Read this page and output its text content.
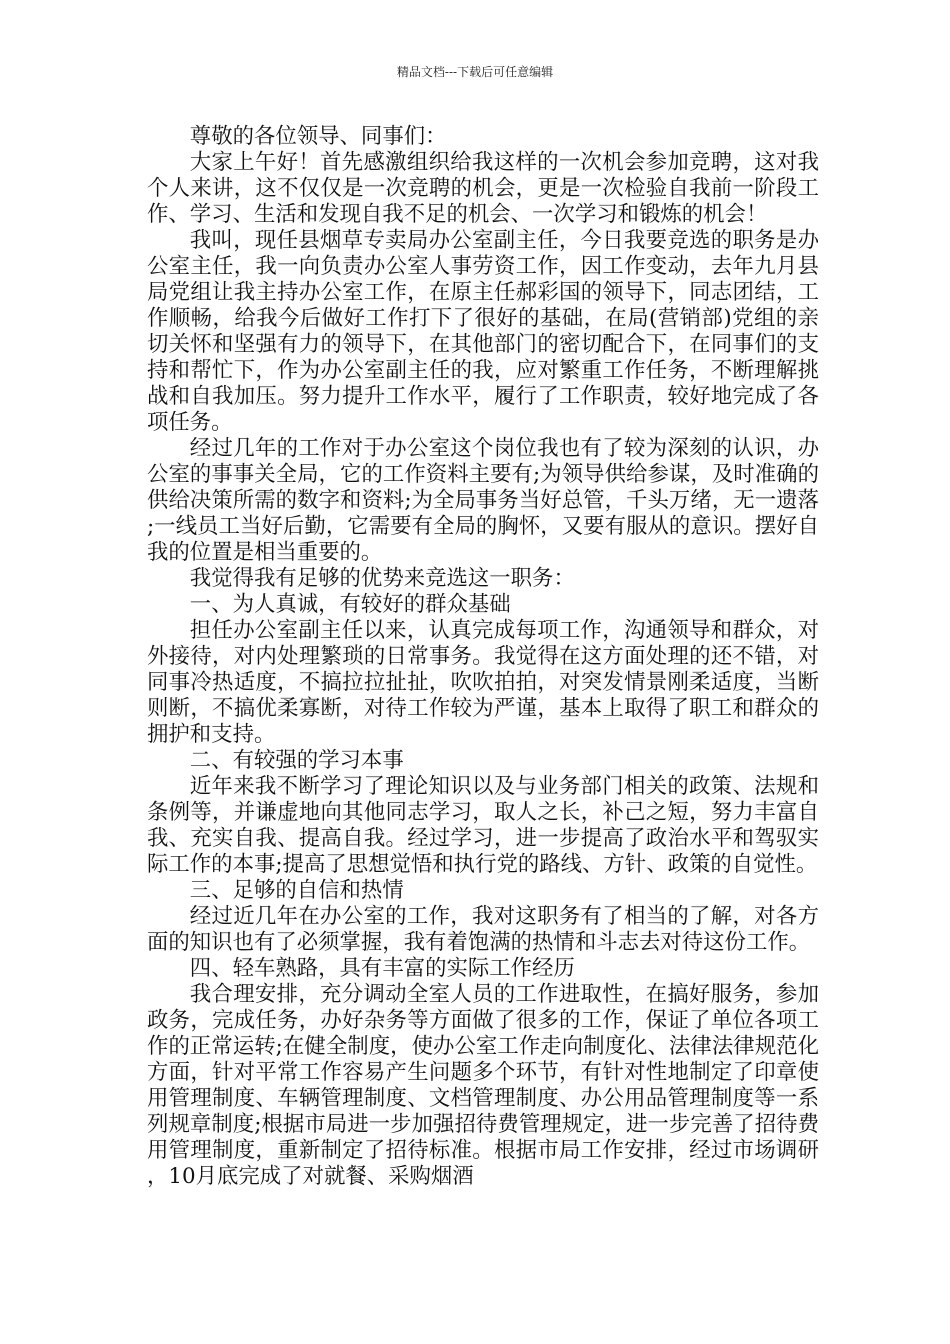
精品文档---下载后可任意编辑

尊敬的各位领导、同事们：

大家上午好！首先感激组织给我这样的一次机会参加竞聘，这对我个人来讲，这不仅仅是一次竞聘的机会，更是一次检验自我前一阶段工作、学习、生活和发现自我不足的机会、一次学习和锻炼的机会！

我叫，现任县烟草专卖局办公室副主任，今日我要竞选的职务是办公室主任，我一向负责办公室人事劳资工作，因工作变动，去年九月县局党组让我主持办公室工作，在原主任郝彩国的领导下，同志团结，工作顺畅，给我今后做好工作打下了很好的基础，在局(营销部)党组的亲切关怀和坚强有力的领导下，在其他部门的密切配合下，在同事们的支持和帮忙下，作为办公室副主任的我，应对繁重工作任务，不断理解挑战和自我加压。努力提升工作水平，履行了工作职责，较好地完成了各项任务。

经过几年的工作对于办公室这个岗位我也有了较为深刻的认识，办公室的事事关全局，它的工作资料主要有;为领导供给参谋，及时准确的供给决策所需的数字和资料;为全局事务当好总管，千头万绪，无一遗落;一线员工当好后勤，它需要有全局的胸怀，又要有服从的意识。摆好自我的位置是相当重要的。

我觉得我有足够的优势来竞选这一职务：

一、为人真诚，有较好的群众基础

担任办公室副主任以来，认真完成每项工作，沟通领导和群众，对外接待，对内处理繁琐的日常事务。我觉得在这方面处理的还不错，对同事冷热适度，不搞拉拉扯扯，吹吹拍拍，对突发情景刚柔适度，当断则断，不搞优柔寡断，对待工作较为严谨，基本上取得了职工和群众的拥护和支持。

二、有较强的学习本事

近年来我不断学习了理论知识以及与业务部门相关的政策、法规和条例等，并谦虚地向其他同志学习，取人之长，补己之短，努力丰富自我、充实自我、提高自我。经过学习，进一步提高了政治水平和驾驭实际工作的本事;提高了思想觉悟和执行党的路线、方针、政策的自觉性。

三、足够的自信和热情

经过近几年在办公室的工作，我对这职务有了相当的了解，对各方面的知识也有了必须掌握，我有着饱满的热情和斗志去对待这份工作。

四、轻车熟路，具有丰富的实际工作经历

我合理安排，充分调动全室人员的工作进取性，在搞好服务，参加政务，完成任务，办好杂务等方面做了很多的工作，保证了单位各项工作的正常运转;在健全制度，使办公室工作走向制度化、法律法律规范化方面，针对平常工作容易产生问题多个环节，有针对性地制定了印章使用管理制度、车辆管理制度、文档管理制度、办公用品管理制度等一系列规章制度;根据市局进一步加强招待费管理规定，进一步完善了招待费用管理制度，重新制定了招待标准。根据市局工作安排，经过市场调研，10月底完成了对就餐、采购烟酒
